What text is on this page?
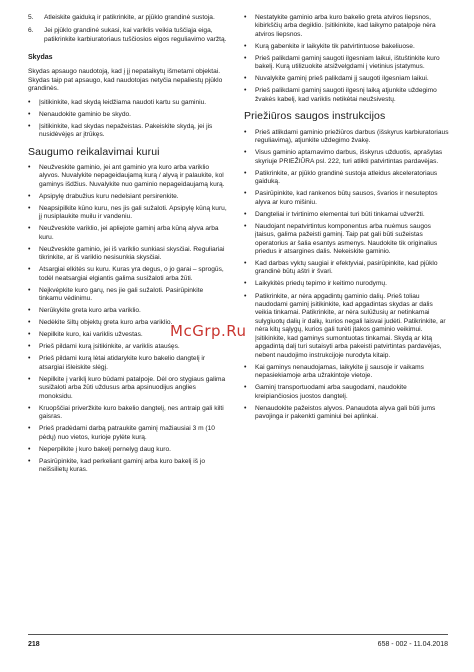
5.	Atleiskite gaiduką ir patikrinkite, ar pjūklo grandinė sustoja.
6.	Jei pjūklo grandinė sukasi, kai variklis veikia tuščiąja eiga, patikrinkite karbiuratoriaus tuščiosios eigos reguliavimo varžtą.
Skydas

Skydas apsaugo naudotoją, kad į jį nepataikytų išmetami objektai. Skydas taip pat apsaugo, kad naudotojas netyčia nepaliestų pjūklo grandinės.

•	Įsitikinkite, kad skydą leidžiama naudoti kartu su gaminiu.
•	Nenaudokite gaminio be skydo.
•	Įsitikinkite, kad skydas nepažeistas. Pakeiskite skydą, jei jis nusidėvėjęs ar įtrūkęs.
Saugumo reikalavimai kurui
•	Neužveskite gaminio, jei ant gaminio yra kuro arba variklio alyvos. Nuvalykite nepageidaujamą kurą / alyvą ir palaukite, kol gaminys išdžius. Nuvalykite nuo gaminio nepageidaujamą kurą.
•	Apsipylę drabužius kuru nedelsiant persirenkite.
•	Neapsipilkite kūno kuru, nes jis gali sužaloti. Apsipylę kūną kuru, jį nusiplaukite muilu ir vandeniu.
•	Neužveskite variklio, jei apliejote gaminį arba kūną alyva arba kuru.
•	Neužveskite gaminio, jei iš variklio sunkiasi skysčiai. Reguliariai tikrinkite, ar iš variklio nesisunkia skysčiai.
•	Atsargiai elkitės su kuru. Kuras yra degus, o jo garai – sprogūs, todėl neatsargiai elgiantis galima susižaloti arba žūti.
•	Neįkvėpkite kuro garų, nes jie gali sužaloti. Pasirūpinkite tinkamu vėdinimu.
•	Nerūkykite greta kuro arba variklio.
•	Nedėkite šiltų objektų greta kuro arba variklio.
•	Nepilkite kuro, kai variklis užvestas.
•	Prieš pildami kurą įsitikinkite, ar variklis atauśęs.
•	Prieš pildami kurą lėtai atidarykite kuro bakelio dangtelį ir atsargiai išleiskite slėgį.
•	Nepilkite į variklį kuro būdami patalpoje. Dėl oro stygiaus galima susižaloti arba žūti uždusus arba apsinuodijus anglies monoksidu.
•	Kruopščiai priveržkite kuro bakelio dangtelį, nes antraip gali kilti gaisras.
•	Prieš pradėdami darbą patraukite gaminį mažiausiai 3 m (10 pėdų) nuo vietos, kurioje pylėte kurą.
•	Neperpilkite į kuro bakelį pernelyg daug kuro.
•	Pasirūpinkite, kad perkeliant gaminį arba kuro bakelį iš jo neišsilietų kuras.
•	Nestatykite gaminio arba kuro bakelio greta atviros liepsnos, kibirkščių arba degiklio. Įsitikinkite, kad laikymo patalpoje nėra atviros liepsnos.
•	Kurą gabenkite ir laikykite tik patvirtintuose bakeliuose.
•	Prieš palikdami gaminį saugoti ilgesniam laikui, ištuštinkite kuro bakelį. Kurą utilizuokite atsižvelgdami į vietinius įstatymus.
•	Nuvalykite gaminį prieš palikdami jį saugoti ilgesniam laikui.
•	Prieš palikdami gaminį saugoti ilgesnį laiką atjunkite uždegimo žvakės kabelį, kad variklis netikėtai neužsivestų.
Priežiūros saugos instrukcijos
•	Prieš atlikdami gaminio priežiūros darbus (išskyrus karbiuratoriaus reguliavimą), atjunkite uždegimo žvakę.
•	Visus gaminio aptarnavimo darbus, išskyrus užduotis, aprašytas skyriuje PRIEŽIŪRA psl. 222, turi atlikti patvirtintas pardavėjas.
•	Patikrinkite, ar pjūklo grandinė sustoja atleidus akceleratoriaus gaiduką.
•	Pasirūpinkite, kad rankenos būtų sausos, švarios ir nesuteptos alyva ar kuro mišiniu.
•	Dangteliai ir tvirtinimo elementai turi būti tinkamai užveržti.
•	Naudojant nepatvirtintus komponentus arba nuėmus saugos įtaisus, galima pažeisti gaminį. Taip pat gali būti sužeistas operatorius ar šalia esantys asmenys. Naudokite tik originalius priedus ir atsargines dalis. Nekeiskite gaminio.
•	Kad darbas vyktų saugiai ir efektyviai, pasirūpinkite, kad pjūklo grandinė būtų aštri ir švari.
•	Laikykitės priedų tepimo ir keitimo nurodymų.
•	Patikrinkite, ar nėra apgadintų gaminio dalių. Prieš toliau naudodami gaminį įsitikinkite, kad apgadintas skydas ar dalis veikia tinkamai. Patikrinkite, ar nėra sulūžusių ar netinkamai sulygiuotų dalių ir dalių, kurios negali laisvai judėti. Patikrinkite, ar nėra kitų sąlygų, kurios gali turėti įtakos gaminio veikimui. Įsitikinkite, kad gaminys sumontuotas tinkamai. Skydą ar kitą apgadintą dalį turi sutaisyti arba pakeisti patvirtintas pardavėjas, nebent naudojimo instrukcijoje nurodyta kitaip.
•	Kai gaminys nenaudojamas, laikykite jį sausoje ir vaikams nepasiekiamoje arba užrakintoje vietoje.
•	Gaminį transportuodami arba saugodami, naudokite kreipiančiosios juostos dangtelį.
•	Nenaudokite pažeistos alyvos. Panaudota alyva gali būti jums pavojinga ir pakenkti gaminiui bei aplinkai.
McGrp.Ru
218	658 - 002 - 11.04.2018
